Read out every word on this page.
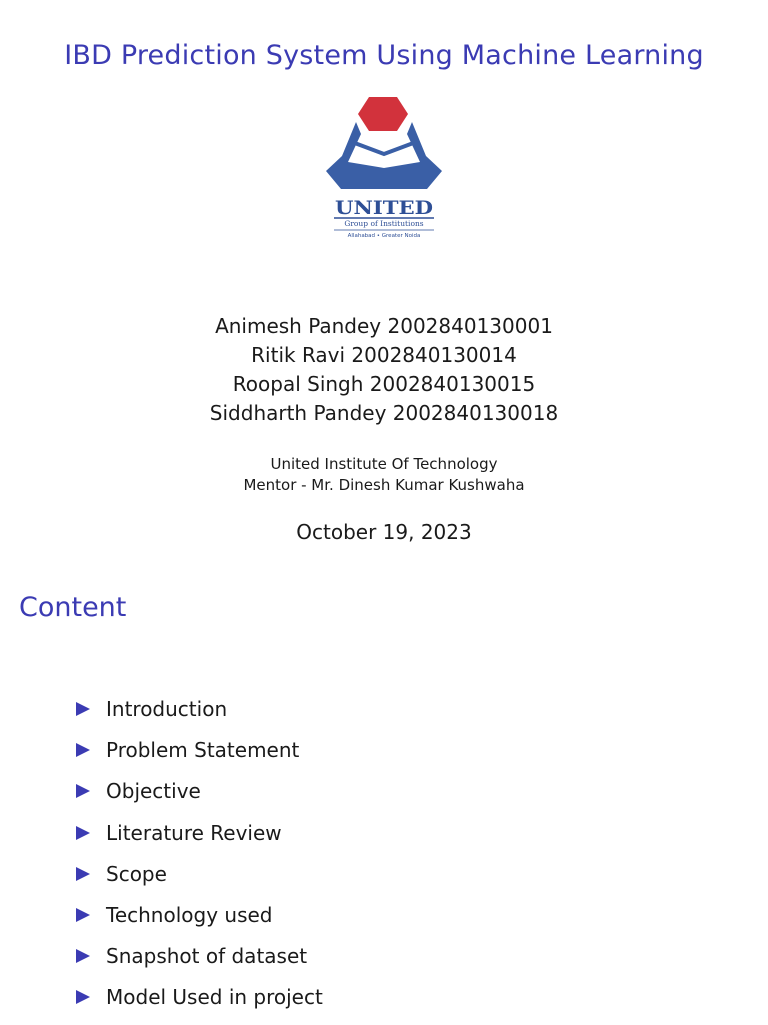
IBD Prediction System Using Machine Learning
UNITED
Group of Institutions
Allahabad • Greater Noida
Animesh Pandey 2002840130001
Ritik Ravi 2002840130014
Roopal Singh 2002840130015
Siddharth Pandey 2002840130018
United Institute Of Technology
Mentor - Mr. Dinesh Kumar Kushwaha
October 19, 2023
Content
Introduction
Problem Statement
Objective
Literature Review
Scope
Technology used
Snapshot of dataset
Model Used in project
